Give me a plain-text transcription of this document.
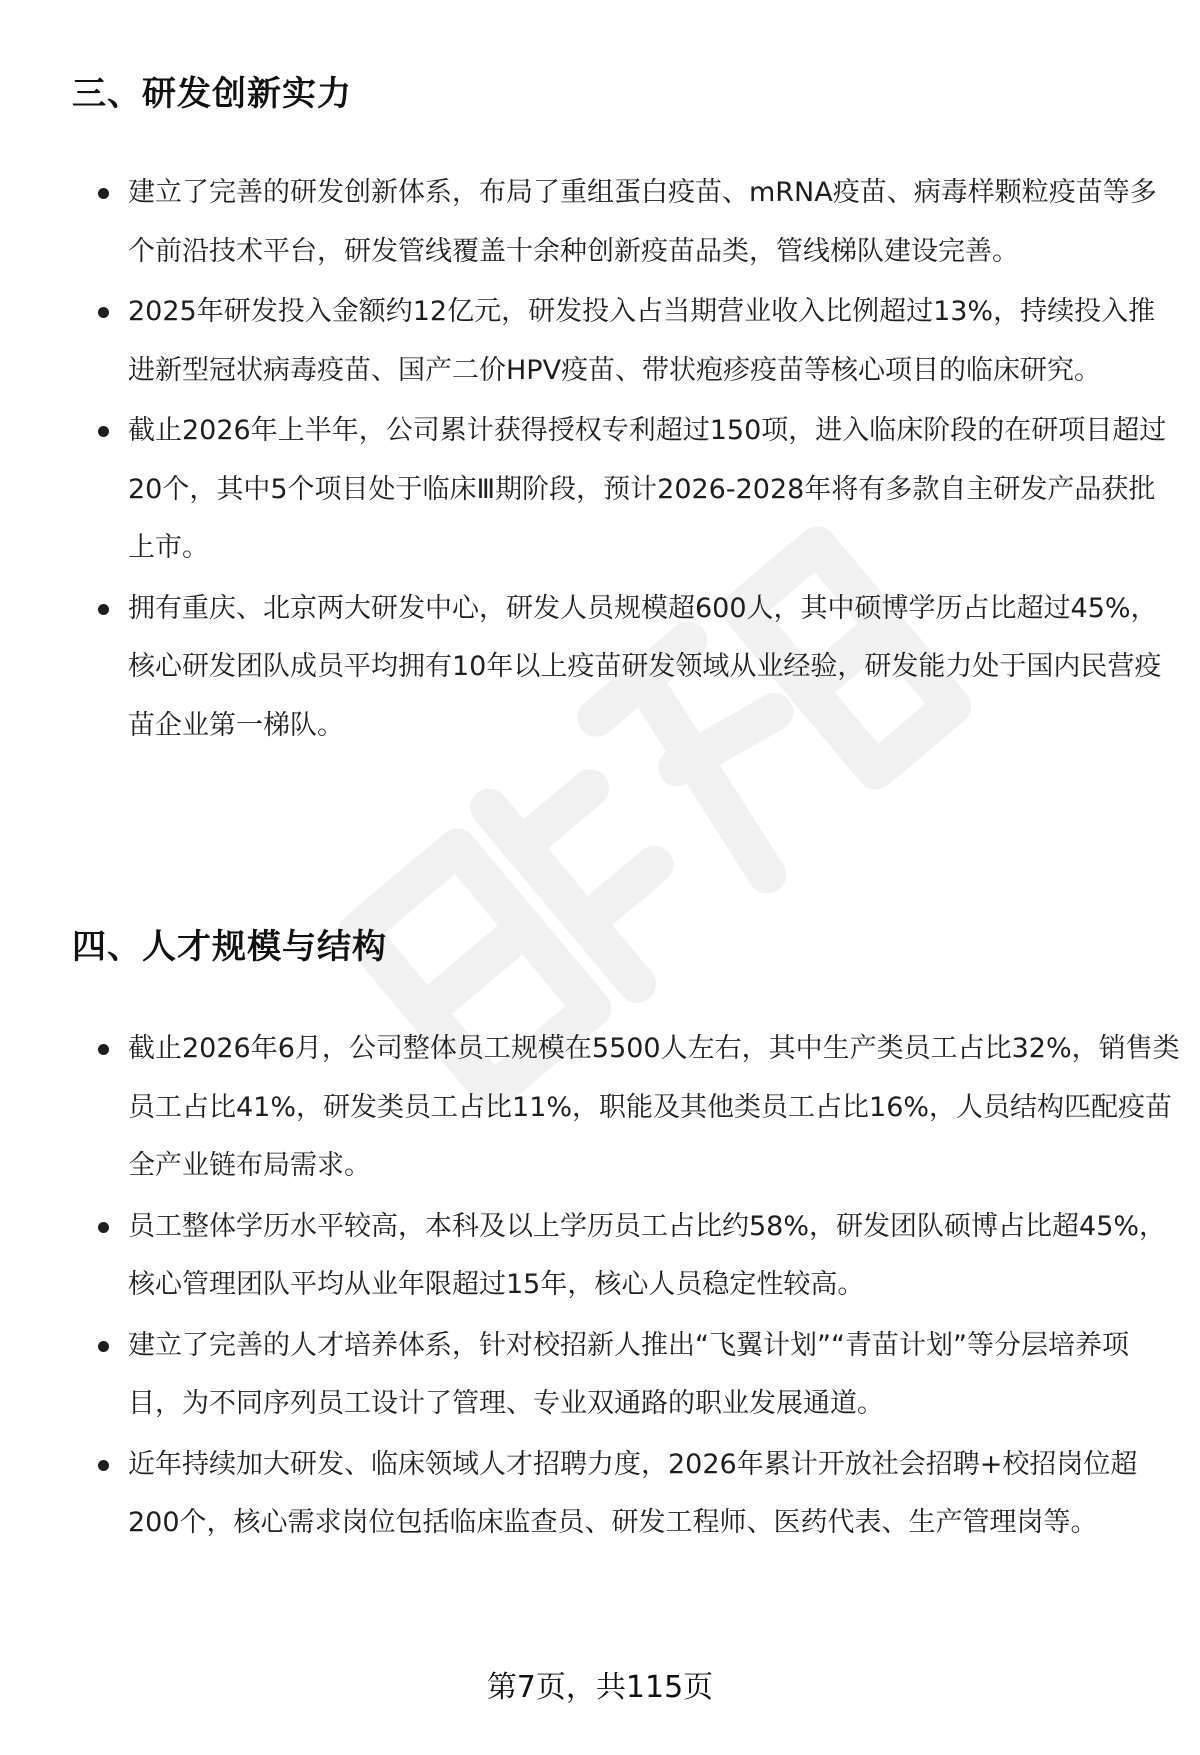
三、研发创新实力
建立了完善的研发创新体系，布局了重组蛋白疫苗、mRNA疫苗、病毒样颗粒疫苗等多个前沿技术平台，研发管线覆盖十余种创新疫苗品类，管线梯队建设完善。
2025年研发投入金额约12亿元，研发投入占当期营业收入比例超过13%，持续投入推进新型冠状病毒疫苗、国产二价HPV疫苗、带状疱疹疫苗等核心项目的临床研究。
截止2026年上半年，公司累计获得授权专利超过150项，进入临床阶段的在研项目超过20个，其中5个项目处于临床Ⅲ期阶段，预计2026-2028年将有多款自主研发产品获批上市。
拥有重庆、北京两大研发中心，研发人员规模超600人，其中硕博学历占比超过45%，核心研发团队成员平均拥有10年以上疫苗研发领域从业经验，研发能力处于国内民营疫苗企业第一梯队。
四、人才规模与结构
截止2026年6月，公司整体员工规模在5500人左右，其中生产类员工占比32%，销售类员工占比41%，研发类员工占比11%，职能及其他类员工占比16%，人员结构匹配疫苗全产业链布局需求。
员工整体学历水平较高，本科及以上学历员工占比约58%，研发团队硕博占比超45%，核心管理团队平均从业年限超过15年，核心人员稳定性较高。
建立了完善的人才培养体系，针对校招新人推出“飞翼计划”“青苗计划”等分层培养项目，为不同序列员工设计了管理、专业双通路的职业发展通道。
近年持续加大研发、临床领域人才招聘力度，2026年累计开放社会招聘+校招岗位超200个，核心需求岗位包括临床监查员、研发工程师、医药代表、生产管理岗等。
第7页，共115页
